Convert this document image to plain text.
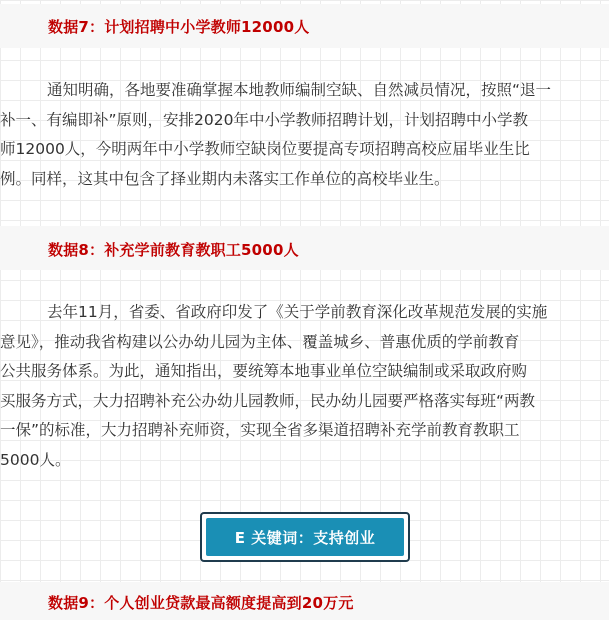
数据7：计划招聘中小学教师12000人
通知明确，各地要准确掌握本地教师编制空缺、自然减员情况，按照“退一
补一、有编即补”原则，安排2020年中小学教师招聘计划，计划招聘中小学教
师12000人，今明两年中小学教师空缺岗位要提高专项招聘高校应届毕业生比
例。同样，这其中包含了择业期内未落实工作单位的高校毕业生。
数据8：补充学前教育教职工5000人
去年11月，省委、省政府印发了《关于学前教育深化改革规范发展的实施
意见》，推动我省构建以公办幼儿园为主体、覆盖城乡、普惠优质的学前教育
公共服务体系。为此，通知指出，要统筹本地事业单位空缺编制或采取政府购
买服务方式，大力招聘补充公办幼儿园教师，民办幼儿园要严格落实每班“两教
一保”的标准，大力招聘补充师资，实现全省多渠道招聘补充学前教育教职工
5000人。
E 关键词：支持创业
数据9：个人创业贷款最高额度提高到20万元
